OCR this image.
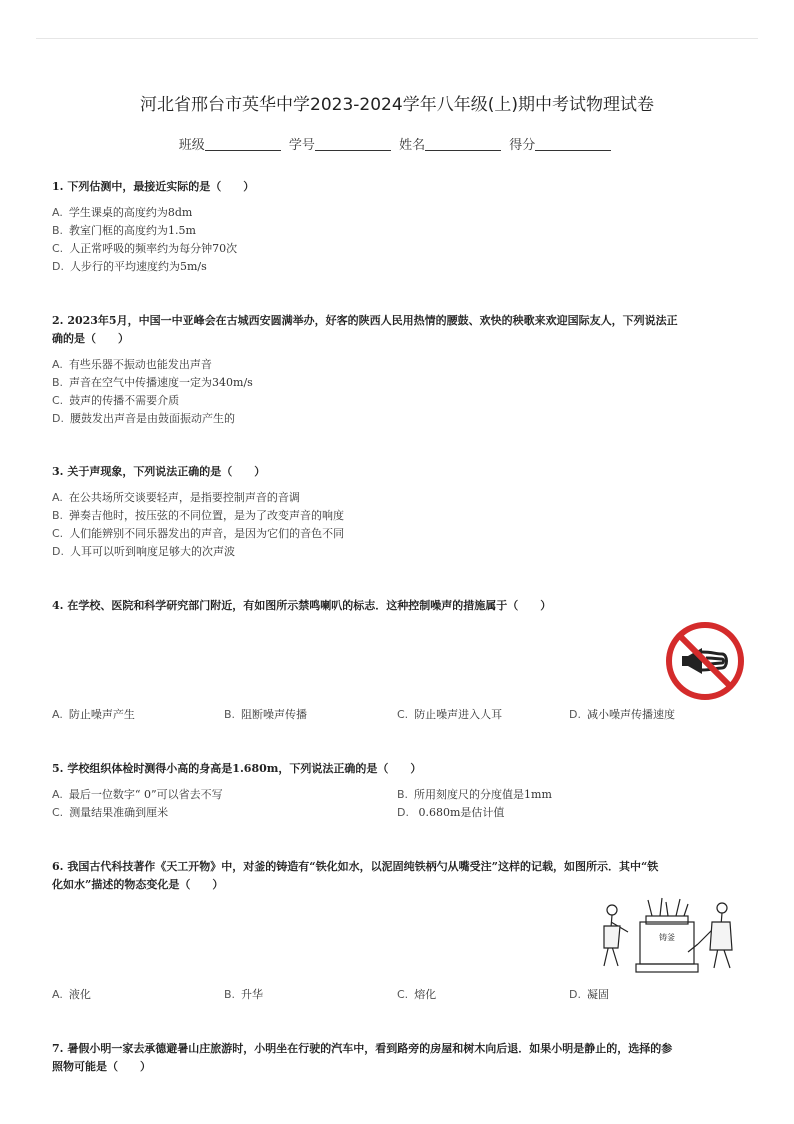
河北省邢台市英华中学2023-2024学年八年级(上)期中考试物理试卷
班级	学号	姓名	得分
1. 下列估测中，最接近实际的是（　　）
A. 学生课桌的高度约为8dm
B. 教室门框的高度约为1.5m
C. 人正常呼吸的频率约为每分钟70次
D. 人步行的平均速度约为5m/s
2. 2023年5月，中国一中亚峰会在古城西安圆满举办，好客的陕西人民用热情的腰鼓、欢快的秧歌来欢迎国际友人，下列说法正
确的是（　　）
A. 有些乐器不振动也能发出声音
B. 声音在空气中传播速度一定为340m/s
C. 鼓声的传播不需要介质
D. 腰鼓发出声音是由鼓面振动产生的
3. 关于声现象，下列说法正确的是（　　）
A. 在公共场所交谈要轻声，是指要控制声音的音调
B. 弹奏吉他时，按压弦的不同位置，是为了改变声音的响度
C. 人们能辨别不同乐器发出的声音，是因为它们的音色不同
D. 人耳可以听到响度足够大的次声波
4. 在学校、医院和科学研究部门附近，有如图所示禁鸣喇叭的标志．这种控制噪声的措施属于（　　）
A. 防止噪声产生	B. 阻断噪声传播	C. 防止噪声进入人耳	D. 减小噪声传播速度
5. 学校组织体检时测得小高的身高是1.680m，下列说法正确的是（　　）
A. 最后一位数字“ 0”可以省去不写	B. 所用刻度尺的分度值是1mm
C. 测量结果准确到厘米	D. 0.680m是估计值
6. 我国古代科技著作《天工开物》中，对釜的铸造有“铁化如水，以泥固纯铁柄勺从嘴受注”这样的记载，如图所示．其中“铁
化如水”描述的物态变化是（　　）
铸釜
A. 液化	B. 升华	C. 熔化	D. 凝固
7. 暑假小明一家去承德避暑山庄旅游时，小明坐在行驶的汽车中，看到路旁的房屋和树木向后退．如果小明是静止的，选择的参
照物可能是（　　）
